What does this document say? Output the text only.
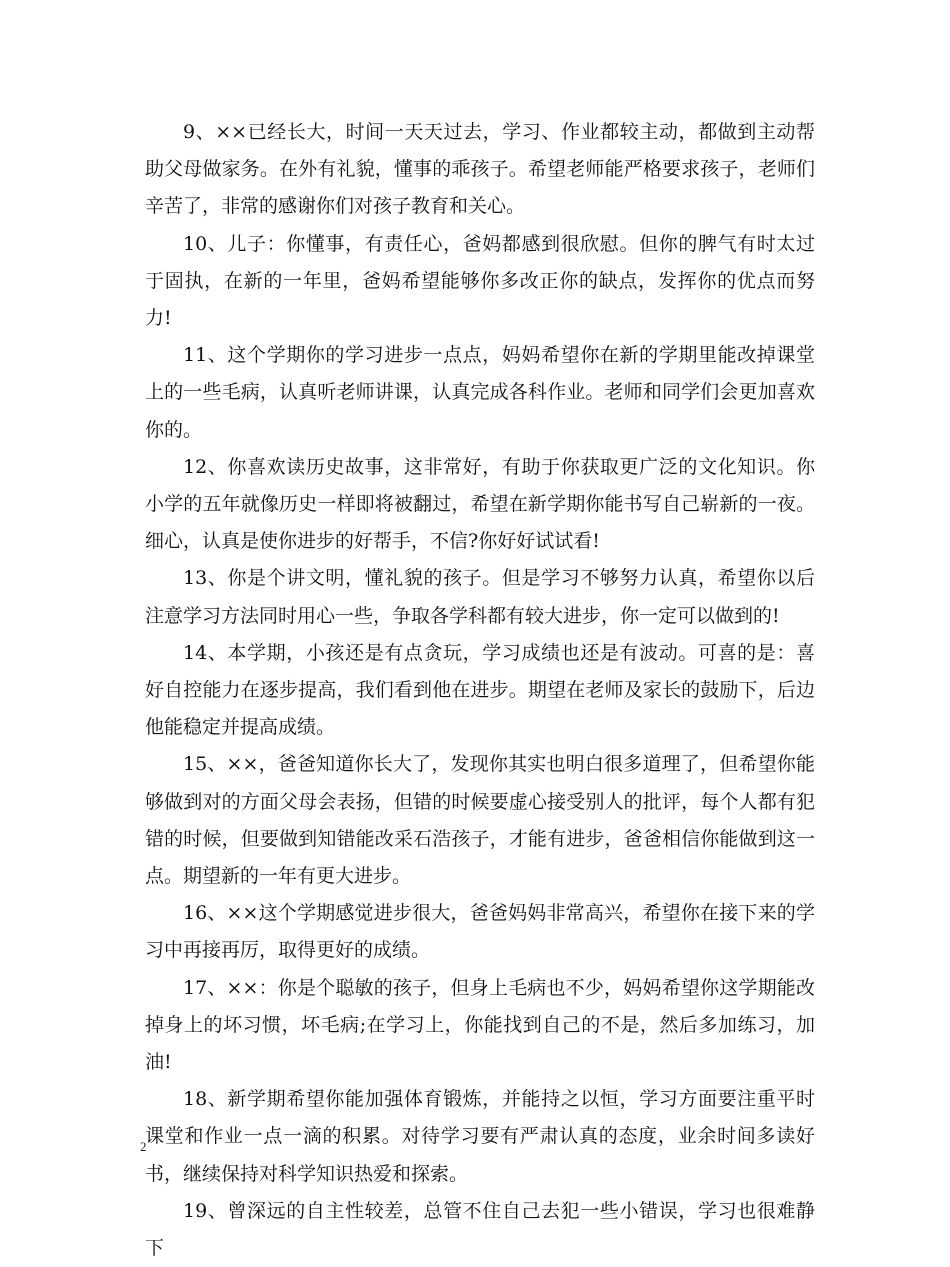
9、××已经长大，时间一天天过去，学习、作业都较主动，都做到主动帮助父母做家务。在外有礼貌，懂事的乖孩子。希望老师能严格要求孩子，老师们辛苦了，非常的感谢你们对孩子教育和关心。

10、儿子：你懂事，有责任心，爸妈都感到很欣慰。但你的脾气有时太过于固执，在新的一年里，爸妈希望能够你多改正你的缺点，发挥你的优点而努力!

11、这个学期你的学习进步一点点，妈妈希望你在新的学期里能改掉课堂上的一些毛病，认真听老师讲课，认真完成各科作业。老师和同学们会更加喜欢你的。

12、你喜欢读历史故事，这非常好，有助于你获取更广泛的文化知识。你小学的五年就像历史一样即将被翻过，希望在新学期你能书写自己崭新的一夜。细心，认真是使你进步的好帮手，不信?你好好试试看!

13、你是个讲文明，懂礼貌的孩子。但是学习不够努力认真，希望你以后注意学习方法同时用心一些，争取各学科都有较大进步，你一定可以做到的!

14、本学期，小孩还是有点贪玩，学习成绩也还是有波动。可喜的是：喜好自控能力在逐步提高，我们看到他在进步。期望在老师及家长的鼓励下，后边他能稳定并提高成绩。

15、××，爸爸知道你长大了，发现你其实也明白很多道理了，但希望你能够做到对的方面父母会表扬，但错的时候要虚心接受别人的批评，每个人都有犯错的时候，但要做到知错能改采石浩孩子，才能有进步，爸爸相信你能做到这一点。期望新的一年有更大进步。

16、××这个学期感觉进步很大，爸爸妈妈非常高兴，希望你在接下来的学习中再接再厉，取得更好的成绩。

17、××：你是个聪敏的孩子，但身上毛病也不少，妈妈希望你这学期能改掉身上的坏习惯，坏毛病;在学习上，你能找到自己的不是，然后多加练习，加油!

18、新学期希望你能加强体育锻炼，并能持之以恒，学习方面要注重平时课堂和作业一点一滴的积累。对待学习要有严肃认真的态度，业余时间多读好书，继续保持对科学知识热爱和探索。

19、曾深远的自主性较差，总管不住自己去犯一些小错误，学习也很难静下

2
